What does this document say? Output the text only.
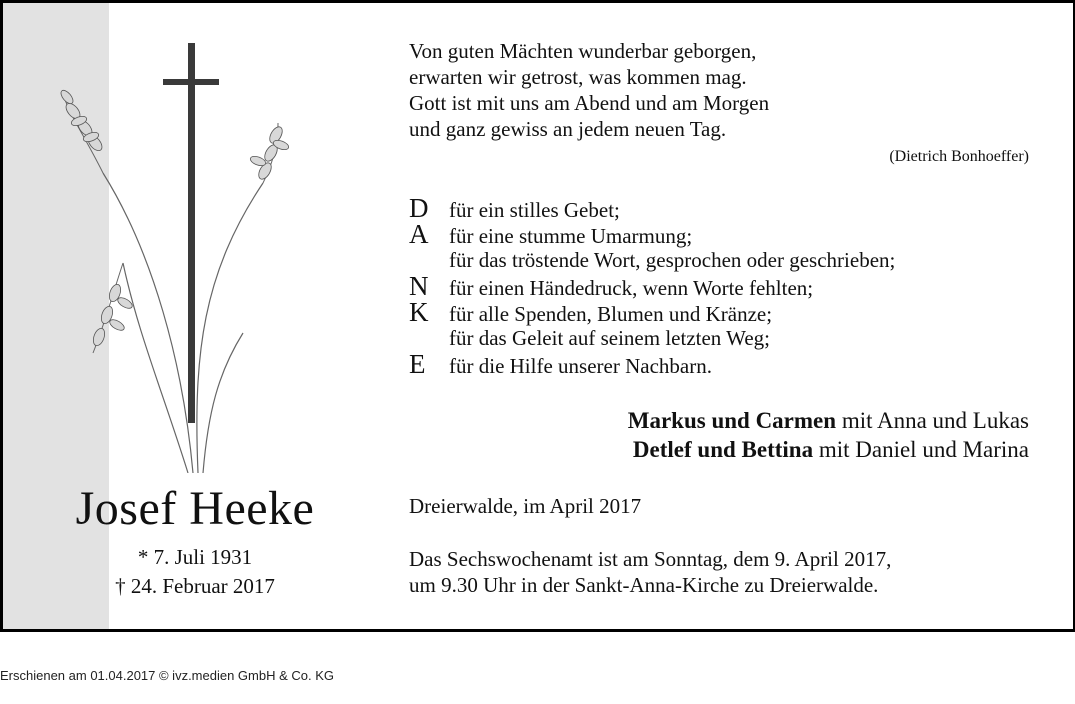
Josef Heeke
* 7. Juli 1931
† 24. Februar 2017
Von guten Mächten wunderbar geborgen,
erwarten wir getrost, was kommen mag.
Gott ist mit uns am Abend und am Morgen
und ganz gewiss an jedem neuen Tag.
(Dietrich Bonhoeffer)
D für ein stilles Gebet;
A für eine stumme Umarmung;
für das tröstende Wort, gesprochen oder geschrieben;
N für einen Händedruck, wenn Worte fehlten;
K für alle Spenden, Blumen und Kränze;
für das Geleit auf seinem letzten Weg;
E	für die Hilfe unserer Nachbarn.
Markus und Carmen mit Anna und Lukas
Detlef und Bettina mit Daniel und Marina
Dreierwalde, im April 2017
Das Sechswochenamt ist am Sonntag, dem 9. April 2017,
um 9.30 Uhr in der Sankt-Anna-Kirche zu Dreierwalde.
Erschienen am 01.04.2017 © ivz.medien GmbH & Co. KG
